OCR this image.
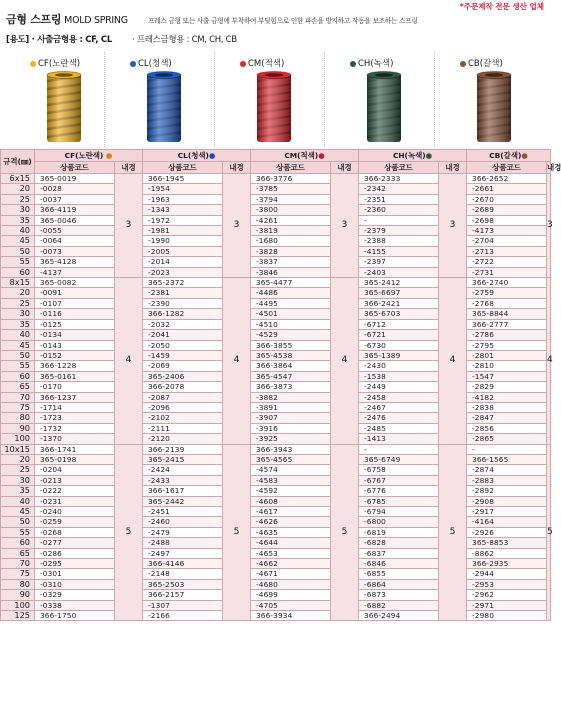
금형 스프링 MOLD SPRING	프레스 금형 또는 사출 금형에 부착하여 부딪힘으로 인한 파손을 방지하고 작동을 보조하는 스프링
*주문제작 전문 생산 업체
[용도] · 사출금형용 : CF, CL · 프레스금형용 : CM, CH, CB
CF(노란색)	CL(청색)	CM(적색)	CH(녹색)	CB(갈색)
규격(㎜)	CF(노란색) ●		CL(청색)●		CM(적색)●		CH(녹색)●		CB(갈색)●	
	상품코드	내경	상품코드	내경	상품코드	내경	상품코드	내경	상품코드	내경
6x15	365-0019	3	366-1945	3	366-3776	3	366-2333	3	366-2652	3
20	-0028		-1954		-3785		-2342		-2661	
25	-0037		-1963		-3794		-2351		-2670	
30	366-4119		-1343		-3800		-2360		-2689	
35	365-0046		-1972		-4261		-		-2698	
40	-0055		-1981		-3819		-2379		-4173	
45	-0064		-1990		-1680		-2388		-2704	
50	-0073		-2005		-3828		-4155		-2713	
55	365-4128		-2014		-3837		-2397		-2722	
60	-4137		-2023		-3846		-2403		-2731	
8x15	365-0082	4	365-2372	4	365-4477	4	365-2412	4	366-2740	4
20	-0091		-2381		-4486		365-6697		-2759	
25	-0107		-2390		-4495		366-2421		-2768	
30	-0116		366-1282		-4501		365-6703		365-8844	
35	-0125		-2032		-4510		-6712		366-2777	
40	-0134		-2041		-4529		-6721		-2786	
45	-0143		-2050		366-3855		-6730		-2795	
50	-0152		-1459		365-4538		365-1389		-2801	
55	366-1228		-2069		366-3864		-2430		-2810	
60	365-0161		365-2406		365-4547		-1538		-1547	
65	-0170		366-2078		366-3873		-2449		-2829	
70	366-1237		-2087		-3882		-2458		-4182	
75	-1714		-2096		-3891		-2467		-2838	
80	-1723		-2102		-3907		-2476		-2847	
90	-1732		-2111		-3916		-2485		-2856	
100	-1370		-2120		-3925		-1413		-2865	
10x15	366-1741	5	366-2139	5	366-3943	5	-	5	-	5
20	365-0198		365-2415		365-4565		365-6749		366-1565	
25	-0204		-2424		-4574		-6758		-2874	
30	-0213		-2433		-4583		-6767		-2883	
35	-0222		366-1617		-4592		-6776		-2892	
40	-0231		365-2442		-4608		-6785		-2908	
45	-0240		-2451		-4617		-6794		-2917	
50	-0259		-2460		-4626		-6800		-4164	
55	-0268		-2479		-4635		-6819		-2926	
60	-0277		-2488		-4644		-6828		365-8853	
65	-0286		-2497		-4653		-6837		-8862	
70	-0295		366-4146		-4662		-6846		366-2935	
75	-0301		-2148		-4671		-6855		-2944	
80	-0310		365-2503		-4680		-6864		-2953	
90	-0329		366-2157		-4699		-6873		-2962	
100	-0338		-1307		-4705		-6882		-2971	
125	366-1750		-2166		366-3934		366-2494		-2980	
